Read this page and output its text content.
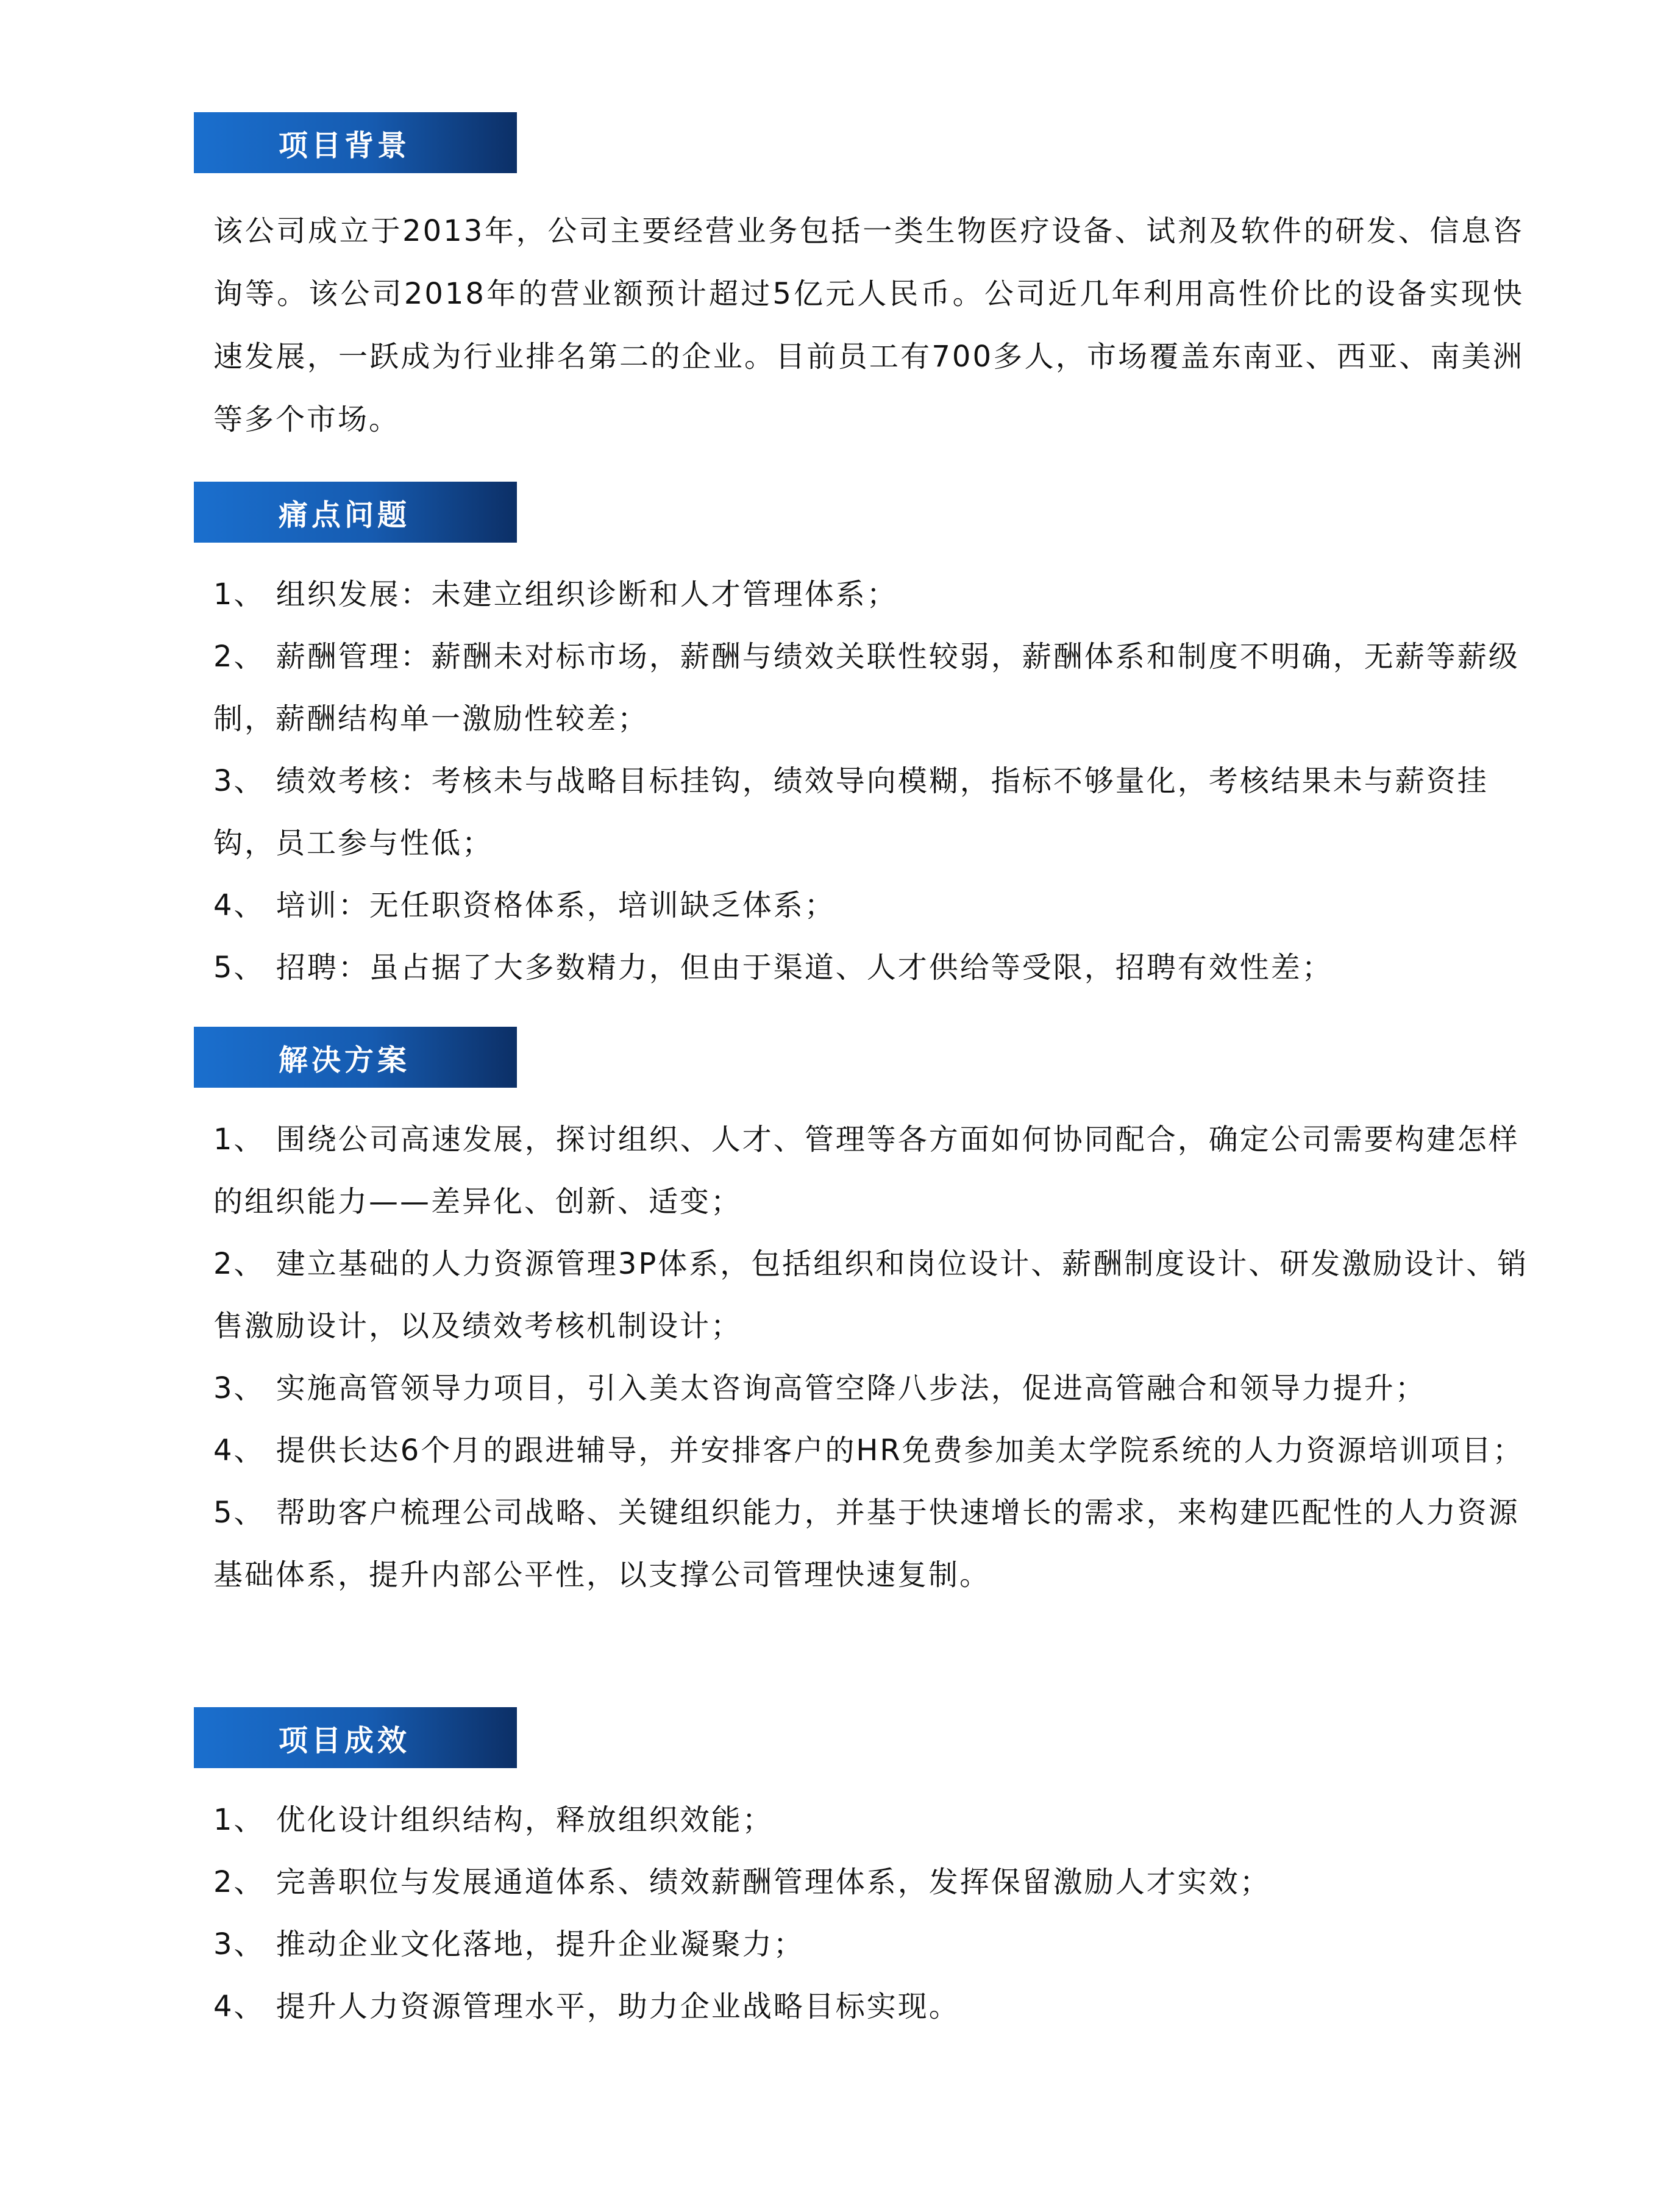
项目背景
该公司成立于2013年，公司主要经营业务包括一类生物医疗设备、试剂及软件的研发、信息咨询等。该公司2018年的营业额预计超过5亿元人民币。公司近几年利用高性价比的设备实现快速发展，一跃成为行业排名第二的企业。目前员工有700多人，市场覆盖东南亚、西亚、南美洲等多个市场。
痛点问题
1、 组织发展：未建立组织诊断和人才管理体系；
2、 薪酬管理：薪酬未对标市场，薪酬与绩效关联性较弱，薪酬体系和制度不明确，无薪等薪级制，薪酬结构单一激励性较差；
3、 绩效考核：考核未与战略目标挂钩，绩效导向模糊，指标不够量化，考核结果未与薪资挂钩，员工参与性低；
4、 培训：无任职资格体系，培训缺乏体系；
5、 招聘：虽占据了大多数精力，但由于渠道、人才供给等受限，招聘有效性差；
解决方案
1、 围绕公司高速发展，探讨组织、人才、管理等各方面如何协同配合，确定公司需要构建怎样的组织能力——差异化、创新、适变；
2、 建立基础的人力资源管理3P体系，包括组织和岗位设计、薪酬制度设计、研发激励设计、销售激励设计，以及绩效考核机制设计；
3、 实施高管领导力项目，引入美太咨询高管空降八步法，促进高管融合和领导力提升；
4、 提供长达6个月的跟进辅导，并安排客户的HR免费参加美太学院系统的人力资源培训项目；
5、 帮助客户梳理公司战略、关键组织能力，并基于快速增长的需求，来构建匹配性的人力资源基础体系，提升内部公平性，以支撑公司管理快速复制。
项目成效
1、 优化设计组织结构，释放组织效能；
2、 完善职位与发展通道体系、绩效薪酬管理体系，发挥保留激励人才实效；
3、 推动企业文化落地，提升企业凝聚力；
4、 提升人力资源管理水平，助力企业战略目标实现。
